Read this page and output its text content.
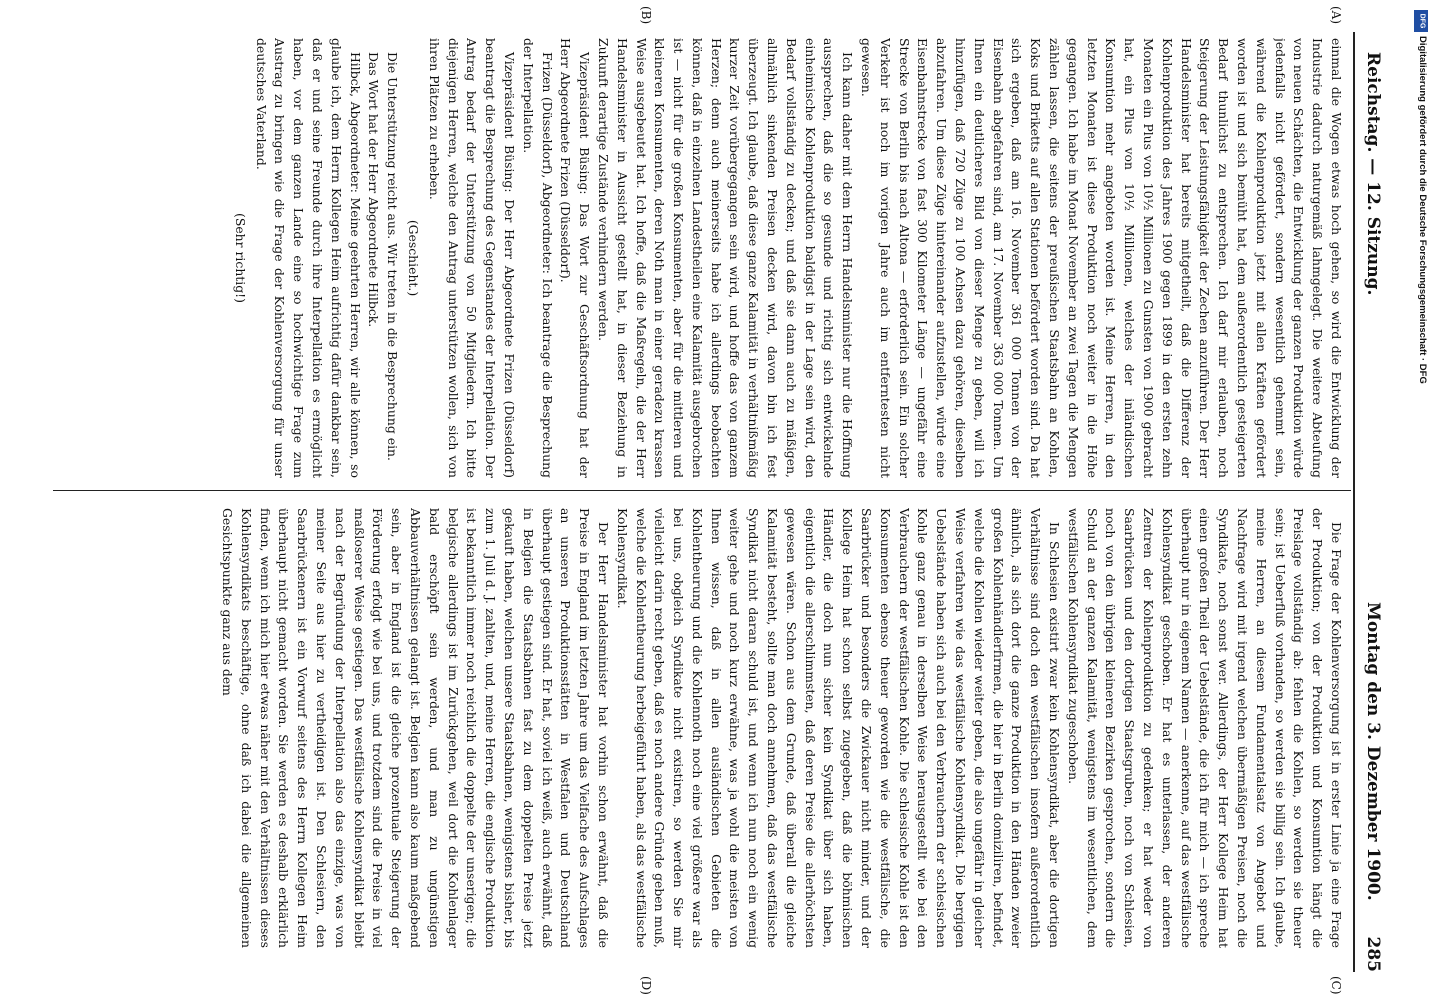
Reichstag. — 12. Sitzung.
Montag den 3. Dezember 1900.
285
(A)
(B)
(C)
(D)

einmal die Wogen etwas hoch gehen, so wird die Entwicklung der Industrie dadurch naturgemäß lahmgelegt. Die weitere Abteufung von neuen Schächten, die Entwicklung der ganzen Produktion würde jedenfalls nicht gefördert, sondern wesentlich gehemmt sein, während die Kohlenproduktion jetzt mit allen Kräften gefördert worden ist und sich bemüht hat, dem außerordentlich gesteigerten Bedarf thunlichst zu entsprechen. Ich darf mir erlauben, noch Steigerung der Leistungsfähigkeit der Zechen anzuführen. Der Herr Handelsminister hat bereits mitgetheilt, daß die Differenz der Kohlenproduktion des Jahres 1900 gegen 1899 in den ersten zehn Monaten ein Plus von 10½ Millionen zu Gunsten von 1900 gebracht hat, ein Plus von 10½ Millionen, welches der inländischen Konsumtion mehr angeboten worden ist. Meine Herren, in den letzten Monaten ist diese Produktion noch weiter in die Höhe gegangen. Ich habe im Monat November an zwei Tagen die Mengen zählen lassen, die seitens der preußischen Staatsbahn an Kohlen, Koks und Briketts auf allen Stationen befördert worden sind. Da hat sich ergeben, daß am 16. November 361 000 Tonnen von der Eisenbahn abgefahren sind, am 17. November 363 000 Tonnen. Um Ihnen ein deutlicheres Bild von dieser Menge zu geben, will ich hinzufügen, daß 720 Züge zu 100 Achsen dazu gehören, dieselben abzufahren. Um diese Züge hintereinander aufzustellen, würde eine Eisenbahnstrecke von fast 300 Kilometer Länge — ungefähr eine Strecke von Berlin bis nach Altona — erforderlich sein. Ein solcher Verkehr ist noch im vorigen Jahre auch im entferntesten nicht gewesen.

Ich kann daher mit dem Herrn Handelsminister nur die Hoffnung aussprechen, daß die so gesunde und richtig sich entwickelnde einheimische Kohlenproduktion baldigst in der Lage sein wird, den Bedarf vollständig zu decken; und daß sie dann auch zu mäßigen, allmählich sinkenden Preisen decken wird, davon bin ich fest überzeugt. Ich glaube, daß diese ganze Kalamität in verhältnißmäßig kurzer Zeit vorübergegangen sein wird, und hoffe das von ganzem Herzen; denn auch meinerseits habe ich allerdings beobachten können, daß in einzelnen Landestheilen eine Kalamität ausgebrochen ist — nicht für die großen Konsumenten, aber für die mittleren und kleineren Konsumenten, deren Noth man in einer geradezu krassen Weise ausgebeutet hat. Ich hoffe, daß die Maßregeln, die der Herr Handelsminister in Aussicht gestellt hat, in dieser Beziehung in Zukunft derartige Zustände verhindern werden.

Vizepräsident Büsing: Das Wort zur Geschäftsordnung hat der Herr Abgeordnete Frizen (Düsseldorf).

Frizen (Düsseldorf), Abgeordneter: Ich beantrage die Besprechung der Interpellation.

Vizepräsident Büsing: Der Herr Abgeordnete Frizen (Düsseldorf) beantragt die Besprechung des Gegenstandes der Interpellation. Der Antrag bedarf der Unterstützung von 50 Mitgliedern. Ich bitte diejenigen Herren, welche den Antrag unterstützen wollen, sich von ihren Plätzen zu erheben.

(Geschieht.)

Die Unterstützung reicht aus. Wir treten in die Besprechung ein.

Das Wort hat der Herr Abgeordnete Hilbck.

Hilbck, Abgeordneter: Meine geehrten Herren, wir alle können, so glaube ich, dem Herrn Kollegen Heim aufrichtig dafür dankbar sein, daß er und seine Freunde durch ihre Interpellation es ermöglicht haben, vor dem ganzen Lande eine so hochwichtige Frage zum Austrag zu bringen wie die Frage der Kohlenversorgung für unser deutsches Vaterland.

(Sehr richtig!)

Die Frage der Kohlenversorgung ist in erster Linie ja eine Frage der Produktion; von der Produktion und Konsumtion hängt die Preislage vollständig ab: fehlen die Kohlen, so werden sie theuer sein; ist Ueberfluß vorhanden, so werden sie billig sein. Ich glaube, meine Herren, an diesem Fundamentalsatz von Angebot und Nachfrage wird mit irgend welchen übermäßigen Preisen, noch die Syndikate, noch sonst wer. Allerdings, der Herr Kollege Heim hat einen großen Theil der Uebelstände, die ich für mich — ich spreche überhaupt nur in eigenem Namen — anerkenne, auf das westfälische Kohlensyndikat geschoben. Er hat es unterlassen, der anderen Zentren der Kohlenproduktion zu gedenken; er hat weder von Saarbrücken und den dortigen Staatsgruben, noch von Schlesien, noch von den übrigen kleineren Bezirken gesprochen, sondern die Schuld an der ganzen Kalamität, wenigstens im wesentlichen, dem westfälischen Kohlensyndikat zugeschoben.

In Schlesien existirt zwar kein Kohlensyndikat, aber die dortigen Verhältnisse sind doch den westfälischen insofern außerordentlich ähnlich, als sich dort die ganze Produktion in den Händen zweier großen Kohlenhändlerfirmen, die hier in Berlin domiziliren, befindet, welche die Kohlen wieder weiter geben, die also ungefähr in gleicher Weise verfahren wie das westfälische Kohlensyndikat. Die bergigen Uebelstände haben sich auch bei den Verbrauchern der schlesischen Kohle ganz genau in derselben Weise herausgestellt wie bei den Verbrauchern der westfälischen Kohle. Die schlesische Kohle ist den Konsumenten ebenso theuer geworden wie die westfälische, die Saarbrücker und besonders die Zwickauer nicht minder, und der Kollege Heim hat schon selbst zugegeben, daß die böhmischen Händler, die doch nun sicher kein Syndikat über sich haben, eigentlich die allerschlimmsten, daß deren Preise die allerhöchsten gewesen wären. Schon aus dem Grunde, daß überall die gleiche Kalamität besteht, sollte man doch annehmen, daß das westfälische Syndikat nicht daran schuld ist, und wenn ich nun noch ein wenig weiter gehe und noch kurz erwähne, was ja wohl die meisten von Ihnen wissen, daß in allen ausländischen Gebieten die Kohlentheurung und die Kohlennoth noch eine viel größere war als bei uns, obgleich Syndikate nicht existiren, so werden Sie mir vielleicht darin recht geben, daß es noch andere Gründe geben muß, welche die Kohlentheurung herbeigeführt haben, als das westfälische Kohlensyndikat.

Der Herr Handelsminister hat vorhin schon erwähnt, daß die Preise in England im letzten Jahre um das Vielfache des Aufschlages an unseren Produktionsstätten in Westfalen und Deutschland überhaupt gestiegen sind. Er hat, soviel ich weiß, auch erwähnt, daß in Belgien die Staatsbahnen fast zu dem doppelten Preise jetzt gekauft haben, welchen unsere Staatsbahnen, wenigstens bisher, bis zum 1. Juli d. J. zahlten, und, meine Herren, die englische Produktion ist bekanntlich immer noch reichlich die doppelte der unserigen; die belgische allerdings ist im Zurückgehen, weil dort die Kohlenlager bald erschöpft sein werden, und man zu ungünstigen Abbauverhältnissen gelangt ist. Belgien kann also kaum maßgebend sein, aber in England ist die gleiche prozentuale Steigerung der Förderung erfolgt wie bei uns, und trotzdem sind die Preise in viel maßloserer Weise gestiegen. Das westfälische Kohlensyndikat bleibt nach der Begründung der Interpellation also das einzige, was von meiner Seite aus hier zu vertheidigen ist. Den Schlesiern, den Saarbrückenern ist ein Vorwurf seitens des Herrn Kollegen Heim überhaupt nicht gemacht worden. Sie werden es deshalb erklärlich finden, wenn ich mich hier etwas näher mit den Verhältnissen dieses Kohlensyndikats beschäftige, ohne daß ich dabei die allgemeinen Gesichtspunkte ganz aus dem

DFG
Digitalisierung gefördert durch die Deutsche Forschungsgemeinschaft · DFG
